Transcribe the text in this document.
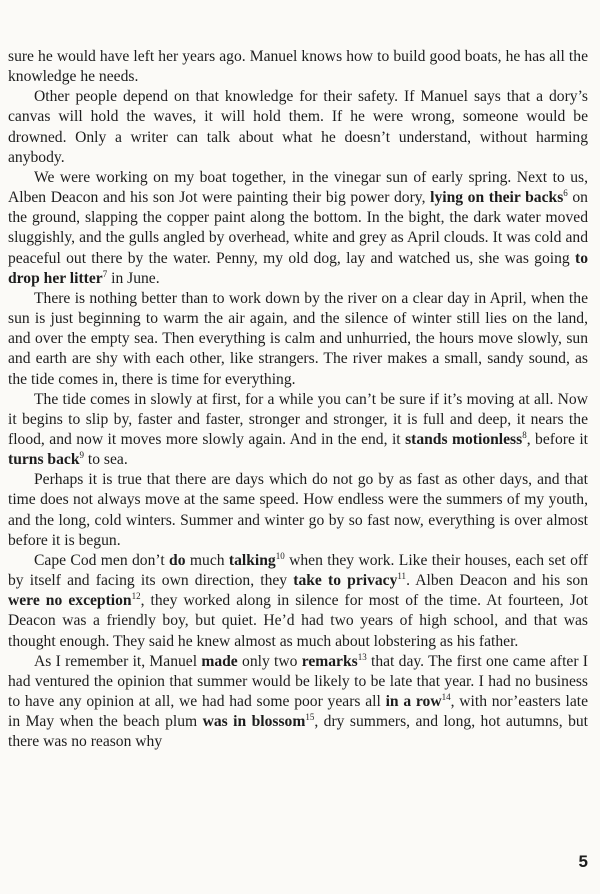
sure he would have left her years ago. Manuel knows how to build good boats, he has all the knowledge he needs.

Other people depend on that knowledge for their safety. If Manuel says that a dory’s canvas will hold the waves, it will hold them. If he were wrong, someone would be drowned. Only a writer can talk about what he doesn’t understand, without harming anybody.

We were working on my boat together, in the vinegar sun of early spring. Next to us, Alben Deacon and his son Jot were painting their big power dory, lying on their backs$^6$ on the ground, slapping the copper paint along the bottom. In the bight, the dark water moved sluggishly, and the gulls angled by overhead, white and grey as April clouds. It was cold and peaceful out there by the water. Penny, my old dog, lay and watched us, she was going to drop her litter$^7$ in June.

There is nothing better than to work down by the river on a clear day in April, when the sun is just beginning to warm the air again, and the silence of winter still lies on the land, and over the empty sea. Then everything is calm and unhurried, the hours move slowly, sun and earth are shy with each other, like strangers. The river makes a small, sandy sound, as the tide comes in, there is time for everything.

The tide comes in slowly at first, for a while you can’t be sure if it’s moving at all. Now it begins to slip by, faster and faster, stronger and stronger, it is full and deep, it nears the flood, and now it moves more slowly again. And in the end, it stands motionless$^8$, before it turns back$^9$ to sea.

Perhaps it is true that there are days which do not go by as fast as other days, and that time does not always move at the same speed. How endless were the summers of my youth, and the long, cold winters. Summer and winter go by so fast now, everything is over almost before it is begun.

Cape Cod men don’t do much talking$^{10}$ when they work. Like their houses, each set off by itself and facing its own direction, they take to privacy$^{11}$. Alben Deacon and his son were no exception$^{12}$, they worked along in silence for most of the time. At fourteen, Jot Deacon was a friendly boy, but quiet. He’d had two years of high school, and that was thought enough. They said he knew almost as much about lobstering as his father.

As I remember it, Manuel made only two remarks$^{13}$ that day. The first one came after I had ventured the opinion that summer would be likely to be late that year. I had no business to have any opinion at all, we had had some poor years all in a row$^{14}$, with nor’easters late in May when the beach plum was in blossom$^{15}$, dry summers, and long, hot autumns, but there was no reason why

5
